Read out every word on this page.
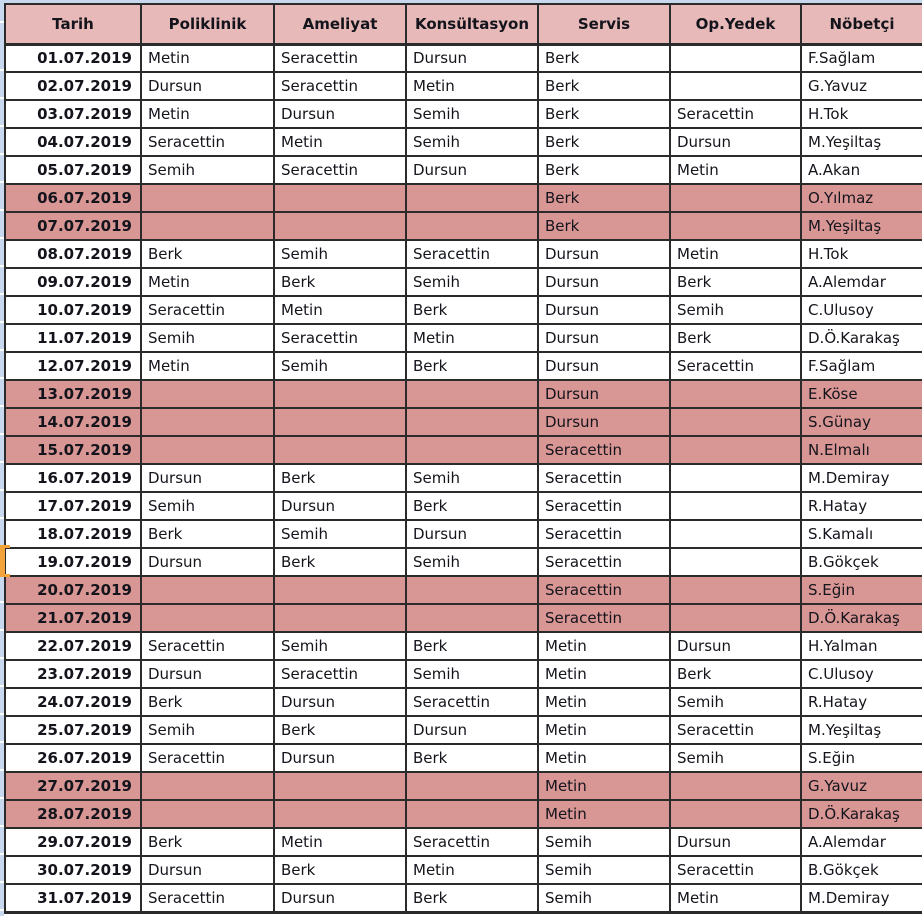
Tarih	Poliklinik	Ameliyat	Konsültasyon	Servis	Op.Yedek	Nöbetçi
01.07.2019	Metin	Seracettin	Dursun	Berk		F.Sağlam
02.07.2019	Dursun	Seracettin	Metin	Berk		G.Yavuz
03.07.2019	Metin	Dursun	Semih	Berk	Seracettin	H.Tok
04.07.2019	Seracettin	Metin	Semih	Berk	Dursun	M.Yeşiltaş
05.07.2019	Semih	Seracettin	Dursun	Berk	Metin	A.Akan
06.07.2019				Berk		O.Yılmaz
07.07.2019				Berk		M.Yeşiltaş
08.07.2019	Berk	Semih	Seracettin	Dursun	Metin	H.Tok
09.07.2019	Metin	Berk	Semih	Dursun	Berk	A.Alemdar
10.07.2019	Seracettin	Metin	Berk	Dursun	Semih	C.Ulusoy
11.07.2019	Semih	Seracettin	Metin	Dursun	Berk	D.Ö.Karakaş
12.07.2019	Metin	Semih	Berk	Dursun	Seracettin	F.Sağlam
13.07.2019				Dursun		E.Köse
14.07.2019				Dursun		S.Günay
15.07.2019				Seracettin		N.Elmalı
16.07.2019	Dursun	Berk	Semih	Seracettin		M.Demiray
17.07.2019	Semih	Dursun	Berk	Seracettin		R.Hatay
18.07.2019	Berk	Semih	Dursun	Seracettin		S.Kamalı
19.07.2019	Dursun	Berk	Semih	Seracettin		B.Gökçek
20.07.2019				Seracettin		S.Eğin
21.07.2019				Seracettin		D.Ö.Karakaş
22.07.2019	Seracettin	Semih	Berk	Metin	Dursun	H.Yalman
23.07.2019	Dursun	Seracettin	Semih	Metin	Berk	C.Ulusoy
24.07.2019	Berk	Dursun	Seracettin	Metin	Semih	R.Hatay
25.07.2019	Semih	Berk	Dursun	Metin	Seracettin	M.Yeşiltaş
26.07.2019	Seracettin	Dursun	Berk	Metin	Semih	S.Eğin
27.07.2019				Metin		G.Yavuz
28.07.2019				Metin		D.Ö.Karakaş
29.07.2019	Berk	Metin	Seracettin	Semih	Dursun	A.Alemdar
30.07.2019	Dursun	Berk	Metin	Semih	Seracettin	B.Gökçek
31.07.2019	Seracettin	Dursun	Berk	Semih	Metin	M.Demiray
